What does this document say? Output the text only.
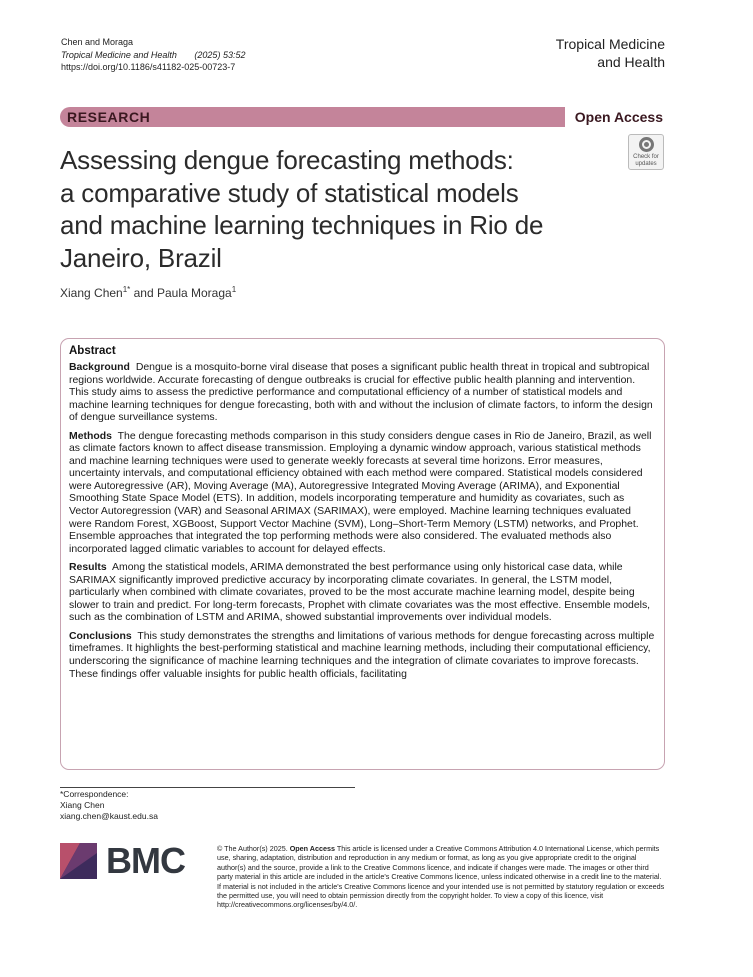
Chen and Moraga
Tropical Medicine and Health (2025) 53:52
https://doi.org/10.1186/s41182-025-00723-7
Tropical Medicine
and Health
RESEARCH	Open Access
Assessing dengue forecasting methods:
a comparative study of statistical models
and machine learning techniques in Rio de
Janeiro, Brazil
Check for
updates
Xiang Chen$^{1*}$ and Paula Moraga$^1$
Abstract

Background Dengue is a mosquito-borne viral disease that poses a significant public health threat in tropical and subtropical regions worldwide. Accurate forecasting of dengue outbreaks is crucial for effective public health planning and intervention. This study aims to assess the predictive performance and computational efficiency of a number of statistical models and machine learning techniques for dengue forecasting, both with and without the inclusion of climate factors, to inform the design of dengue surveillance systems.

Methods The dengue forecasting methods comparison in this study considers dengue cases in Rio de Janeiro, Brazil, as well as climate factors known to affect disease transmission. Employing a dynamic window approach, various statistical methods and machine learning techniques were used to generate weekly forecasts at several time horizons. Error measures, uncertainty intervals, and computational efficiency obtained with each method were compared. Statistical models considered were Autoregressive (AR), Moving Average (MA), Autoregressive Integrated Moving Average (ARIMA), and Exponential Smoothing State Space Model (ETS). In addition, models incorporating temperature and humidity as covariates, such as Vector Autoregression (VAR) and Seasonal ARIMAX (SARIMAX), were employed. Machine learning techniques evaluated were Random Forest, XGBoost, Support Vector Machine (SVM), Long–Short-Term Memory (LSTM) networks, and Prophet. Ensemble approaches that integrated the top performing methods were also considered. The evaluated methods also incorporated lagged climatic variables to account for delayed effects.

Results Among the statistical models, ARIMA demonstrated the best performance using only historical case data, while SARIMAX significantly improved predictive accuracy by incorporating climate covariates. In general, the LSTM model, particularly when combined with climate covariates, proved to be the most accurate machine learning model, despite being slower to train and predict. For long-term forecasts, Prophet with climate covariates was the most effective. Ensemble models, such as the combination of LSTM and ARIMA, showed substantial improvements over individual models.

Conclusions This study demonstrates the strengths and limitations of various methods for dengue forecasting across multiple timeframes. It highlights the best-performing statistical and machine learning methods, including their computational efficiency, underscoring the significance of machine learning techniques and the integration of climate covariates to improve forecasts. These findings offer valuable insights for public health officials, facilitating

*Correspondence:
Xiang Chen
xiang.chen@kaust.edu.sa
BMC	© The Author(s) 2025. Open Access This article is licensed under a Creative Commons Attribution 4.0 International License, which permits use, sharing, adaptation, distribution and reproduction in any medium or format, as long as you give appropriate credit to the original author(s) and the source, provide a link to the Creative Commons licence, and indicate if changes were made. The images or other third party material in this article are included in the article's Creative Commons licence, unless indicated otherwise in a credit line to the material. If material is not included in the article's Creative Commons licence and your intended use is not permitted by statutory regulation or exceeds the permitted use, you will need to obtain permission directly from the copyright holder. To view a copy of this licence, visit http://creativecommons.org/licenses/by/4.0/.
